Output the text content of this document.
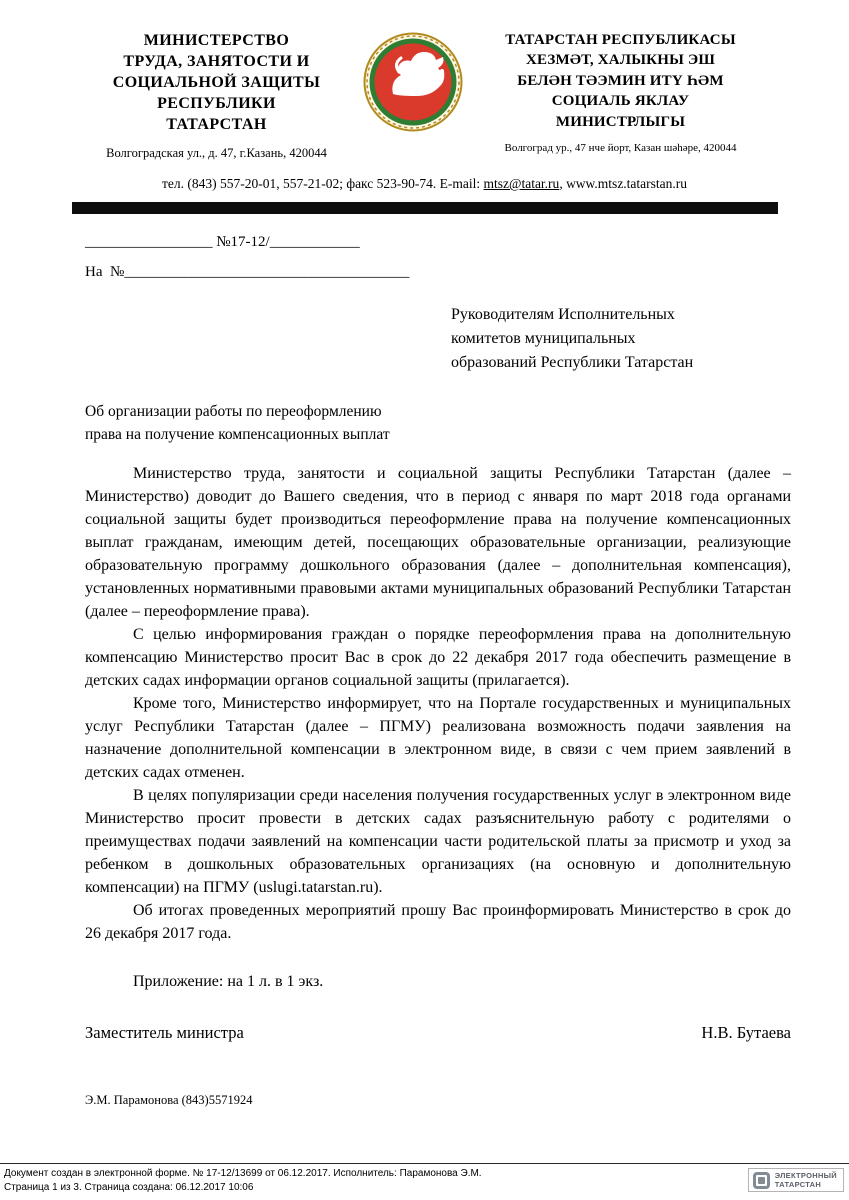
МИНИСТЕРСТВО
ТРУДА, ЗАНЯТОСТИ И
СОЦИАЛЬНОЙ ЗАЩИТЫ
РЕСПУБЛИКИ
ТАТАРСТАН
Волгоградская ул., д. 47, г.Казань, 420044
ТАТАРСТАН РЕСПУБЛИКАСЫ
ХЕЗМӘТ, ХАЛЫКНЫ ЭШ
БЕЛӘН ТӘЭМИН ИТҮ ҺӘМ
СОЦИАЛЬ ЯКЛАУ
МИНИСТРЛЫГЫ
Волгоград ур., 47 нче йорт, Казан шәһәре, 420044
тел. (843) 557-20-01, 557-21-02; факс 523-90-74. E-mail: mtsz@tatar.ru, www.mtsz.tatarstan.ru
_________________ №17-12/____________
На  №______________________________________
Руководителям Исполнительных
комитетов муниципальных
образований Республики Татарстан
Об организации работы по переоформлению
права на получение компенсационных выплат

Министерство труда, занятости и социальной защиты Республики Татарстан (далее – Министерство) доводит до Вашего сведения, что в период с января по март 2018 года органами социальной защиты будет производиться переоформление права на получение компенсационных выплат гражданам, имеющим детей, посещающих образовательные организации, реализующие образовательную программу дошкольного образования (далее – дополнительная компенсация), установленных нормативными правовыми актами муниципальных образований Республики Татарстан (далее – переоформление права).

С целью информирования граждан о порядке переоформления права на дополнительную компенсацию Министерство просит Вас в срок до 22 декабря 2017 года обеспечить размещение в детских садах информации органов социальной защиты (прилагается).

Кроме того, Министерство информирует, что на Портале государственных и муниципальных услуг Республики Татарстан (далее – ПГМУ) реализована возможность подачи заявления на назначение дополнительной компенсации в электронном виде, в связи с чем прием заявлений в детских садах отменен.

В целях популяризации среди населения получения государственных услуг в электронном виде Министерство просит провести в детских садах разъяснительную работу с родителями о преимуществах подачи заявлений на компенсации части родительской платы за присмотр и уход за ребенком в дошкольных образовательных организациях (на основную и дополнительную компенсации) на ПГМУ (uslugi.tatarstan.ru).

Об итогах проведенных мероприятий прошу Вас проинформировать Министерство в срок до 26 декабря 2017 года.

Приложение: на 1 л. в 1 экз.
Заместитель министра	Н.В. Бутаева
Э.М. Парамонова (843)5571924
Документ создан в электронной форме. № 17-12/13699 от 06.12.2017. Исполнитель: Парамонова Э.М.
Страница 1 из 3. Страница создана: 06.12.2017 10:06
ЭЛЕКТРОННЫЙ
ТАТАРСТАН
